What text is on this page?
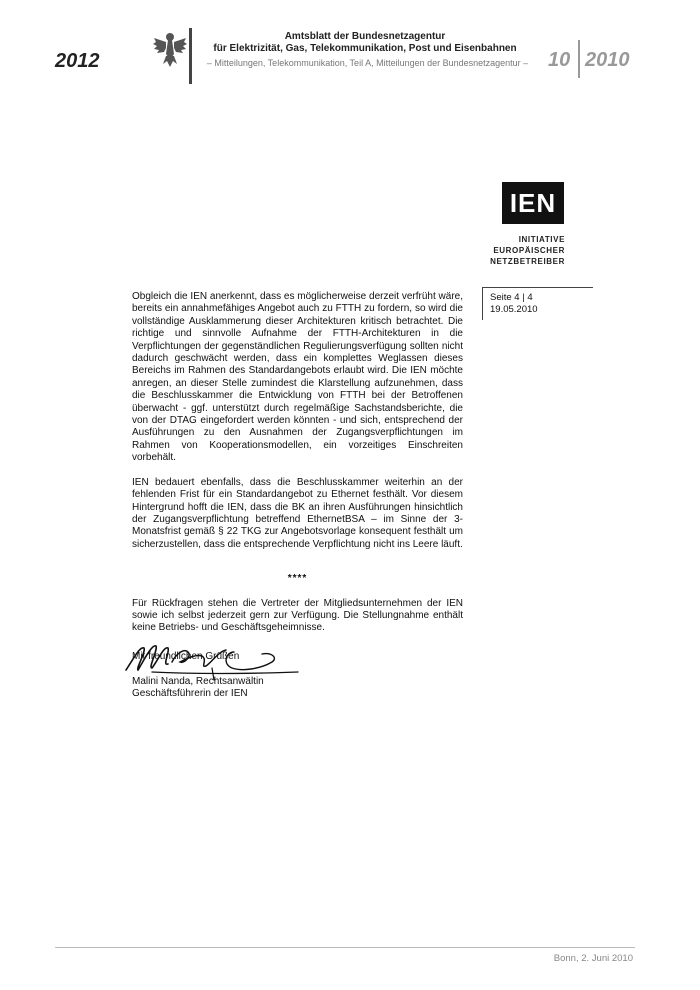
2012
Amtsblatt der Bundesnetzagentur
für Elektrizität, Gas, Telekommunikation, Post und Eisenbahnen
– Mitteilungen, Telekommunikation, Teil A, Mitteilungen der Bundesnetzagentur – 10 2010
IEN
INITIATIVE
EUROPÄISCHER
NETZBETREIBER
Seite 4 | 4
19.05.2010

Obgleich die IEN anerkennt, dass es möglicherweise derzeit verfrüht wäre, bereits ein annahmefähiges Angebot auch zu FTTH zu fordern, so wird die vollständige Ausklammerung dieser Architekturen kritisch betrachtet. Die richtige und sinnvolle Aufnahme der FTTH-Architekturen in die Verpflichtungen der gegenständlichen Regulierungsverfügung sollten nicht dadurch geschwächt werden, dass ein komplettes Weglassen dieses Bereichs im Rahmen des Standardangebots erlaubt wird. Die IEN möchte anregen, an dieser Stelle zumindest die Klarstellung aufzunehmen, dass die Beschlusskammer die Entwicklung von FTTH bei der Betroffenen überwacht - ggf. unterstützt durch regelmäßige Sachstandsberichte, die von der DTAG eingefordert werden könnten - und sich, entsprechend der Ausführungen zu den Ausnahmen der Zugangsverpflichtungen im Rahmen von Kooperationsmodellen, ein vorzeitiges Einschreiten vorbehält.

IEN bedauert ebenfalls, dass die Beschlusskammer weiterhin an der fehlenden Frist für ein Standardangebot zu Ethernet festhält. Vor diesem Hintergrund hofft die IEN, dass die BK an ihren Ausführungen hinsichtlich der Zugangsverpflichtung betreffend EthernetBSA – im Sinne der 3-Monatsfrist gemäß § 22 TKG zur Angebotsvorlage konsequent festhält um sicherzustellen, dass die entsprechende Verpflichtung nicht ins Leere läuft.

****

Für Rückfragen stehen die Vertreter der Mitgliedsunternehmen der IEN sowie ich selbst jederzeit gern zur Verfügung. Die Stellungnahme enthält keine Betriebs- und Geschäftsgeheimnisse.

Mit freundlichen Grüßen

Malini Nanda, Rechtsanwältin
Geschäftsführerin der IEN
Bonn, 2. Juni 2010
